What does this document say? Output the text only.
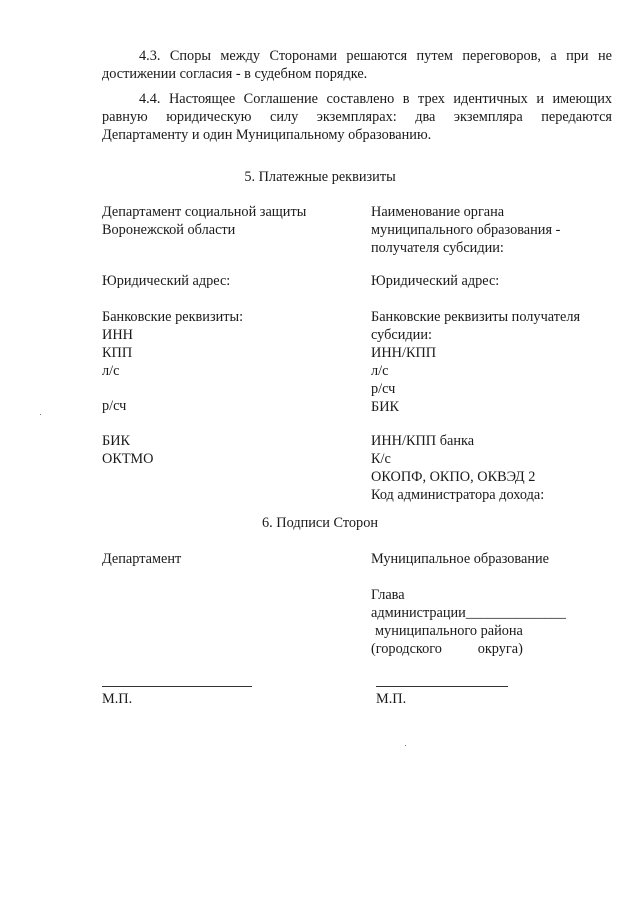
4.3. Споры между Сторонами решаются путем переговоров, а при не
достижении согласия - в судебном порядке.
4.4. Настоящее Соглашение составлено в трех идентичных и имеющих
равную юридическую силу экземплярах: два экземпляра передаются
Департаменту и один Муниципальному образованию.
5. Платежные реквизиты
Департамент социальной защиты
Воронежской области
Юридический адрес:
Банковские реквизиты:
ИНН
КПП
л/с
р/сч
БИК
ОКТМО
Наименование органа
муниципального образования -
получателя субсидии:
Юридический адрес:
Банковские реквизиты получателя
субсидии:
ИНН/КПП
л/с
р/сч
БИК
ИНН/КПП банка
К/с
ОКОПФ, ОКПО, ОКВЭД 2
Код администратора дохода:
6. Подписи Сторон
Департамент	Муниципальное образование
Глава
администрации______________
муниципального района
(городского          округа)
М.П.	М.П.
